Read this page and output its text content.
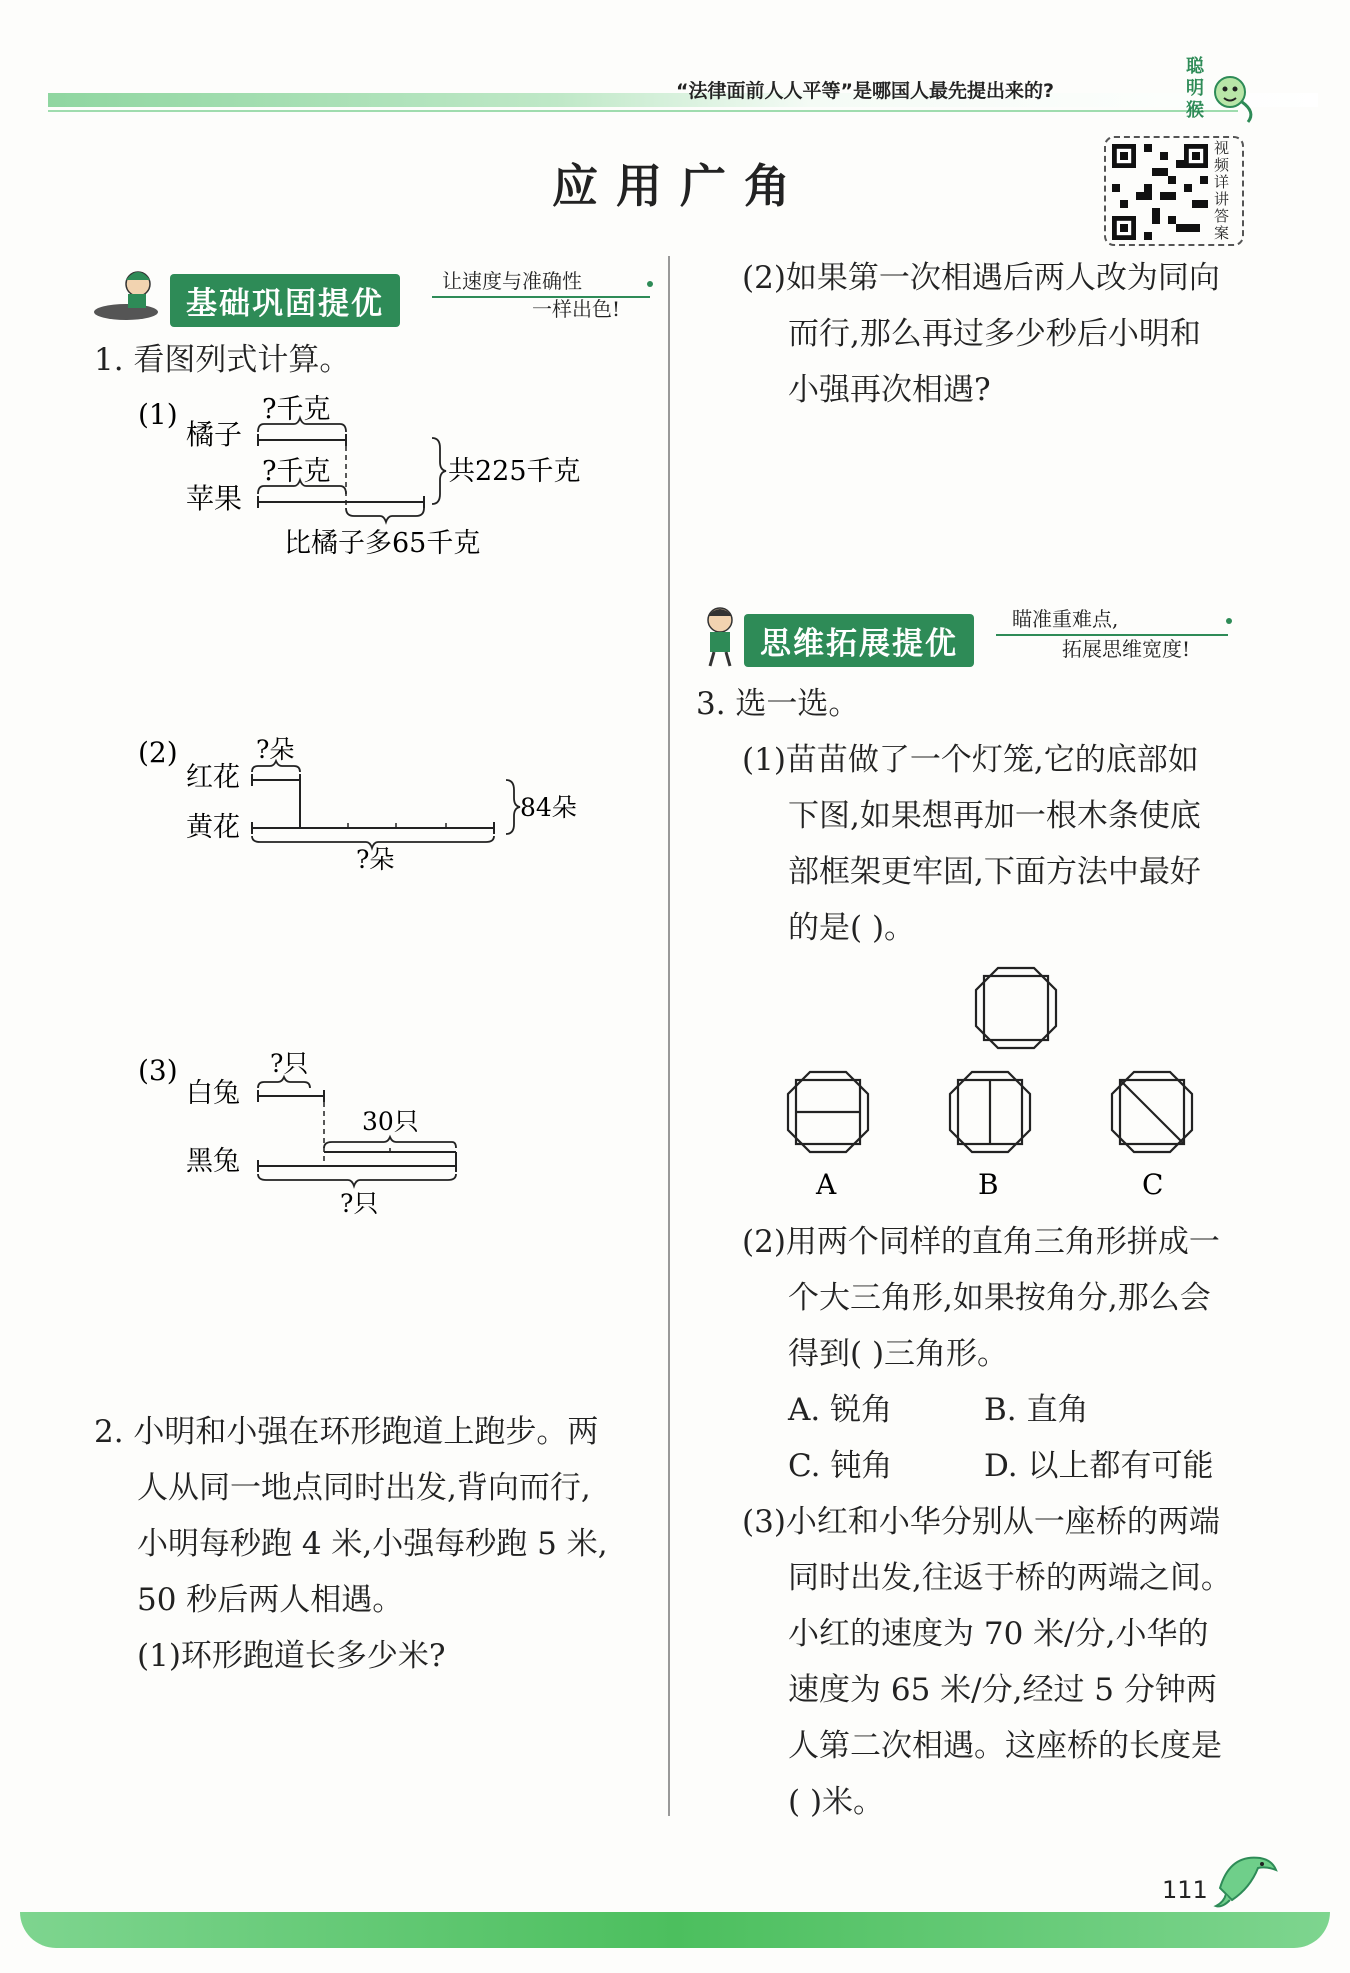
“法律面前人人平等”是哪国人最先提出来的?
聪明猴
视频详讲答案
应用广角
基础巩固提优
让速度与准确性
一样出色!
1. 看图列式计算。
(1)
橘子
苹果
?千克
?千克
比橘子多65千克
共225千克
(2)
红花
黄花
?朵
?朵
84朵
(3)
白兔
黑兔
?只
30只
?只
2. 小明和小强在环形跑道上跑步。两
人从同一地点同时出发,背向而行,
小明每秒跑 4 米,小强每秒跑 5 米,
50 秒后两人相遇。
(1)环形跑道长多少米?
(2)如果第一次相遇后两人改为同向
而行,那么再过多少秒后小明和
小强再次相遇?
思维拓展提优
瞄准重难点,
拓展思维宽度!
3. 选一选。
(1)苗苗做了一个灯笼,它的底部如
下图,如果想再加一根木条使底
部框架更牢固,下面方法中最好
的是( )。
A	B	C
(2)用两个同样的直角三角形拼成一
个大三角形,如果按角分,那么会
得到( )三角形。
A. 锐角	B. 直角
C. 钝角	D. 以上都有可能
(3)小红和小华分别从一座桥的两端
同时出发,往返于桥的两端之间。
小红的速度为 70 米/分,小华的
速度为 65 米/分,经过 5 分钟两
人第二次相遇。这座桥的长度是
( )米。
111
